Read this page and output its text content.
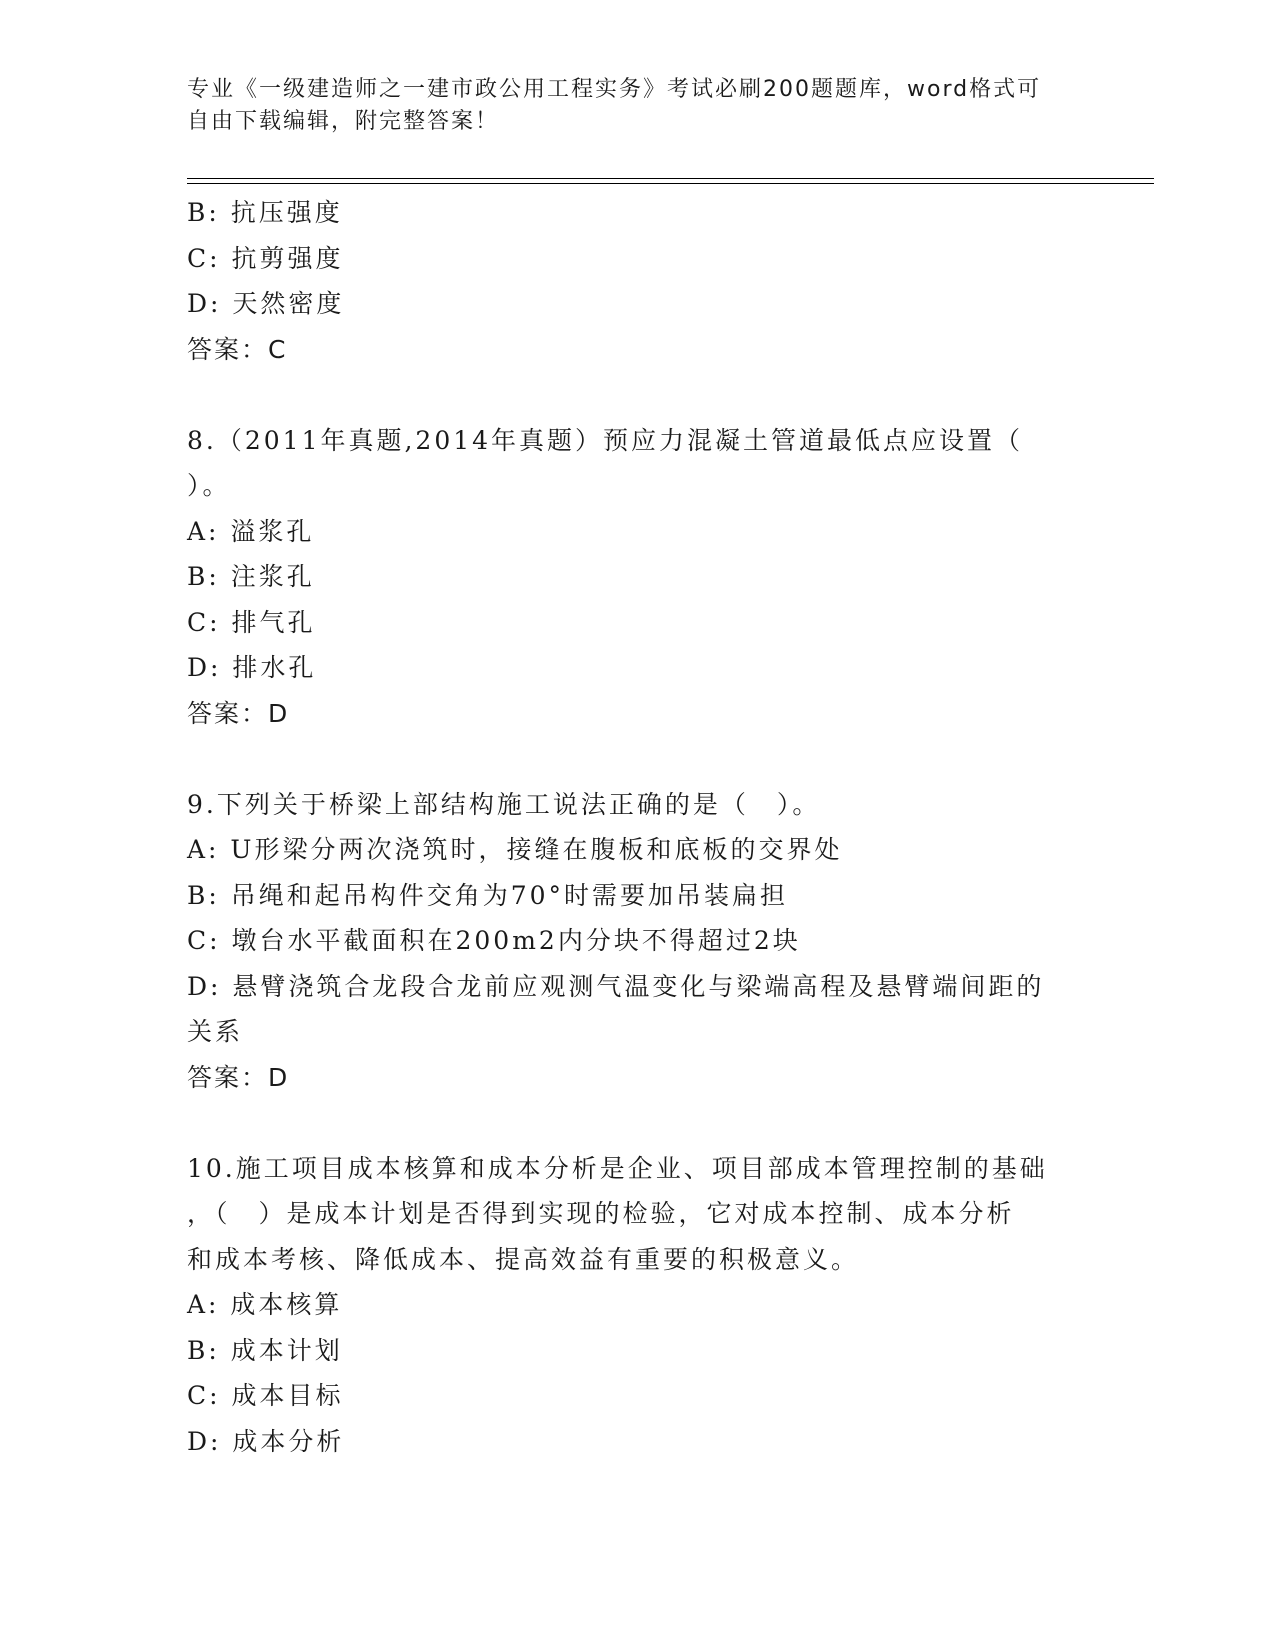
专业《一级建造师之一建市政公用工程实务》考试必刷200题题库，word格式可
自由下载编辑，附完整答案！
B: 抗压强度
C: 抗剪强度
D: 天然密度
答案：C
8.（2011年真题,2014年真题）预应力混凝土管道最低点应设置（
）。
A: 溢浆孔
B: 注浆孔
C: 排气孔
D: 排水孔
答案：D
9.下列关于桥梁上部结构施工说法正确的是（　）。
A: U形梁分两次浇筑时，接缝在腹板和底板的交界处
B: 吊绳和起吊构件交角为70°时需要加吊装扁担
C: 墩台水平截面积在200m2内分块不得超过2块
D: 悬臂浇筑合龙段合龙前应观测气温变化与梁端高程及悬臂端间距的
关系
答案：D
10.施工项目成本核算和成本分析是企业、项目部成本管理控制的基础
，（　）是成本计划是否得到实现的检验，它对成本控制、成本分析
和成本考核、降低成本、提高效益有重要的积极意义。
A: 成本核算
B: 成本计划
C: 成本目标
D: 成本分析
